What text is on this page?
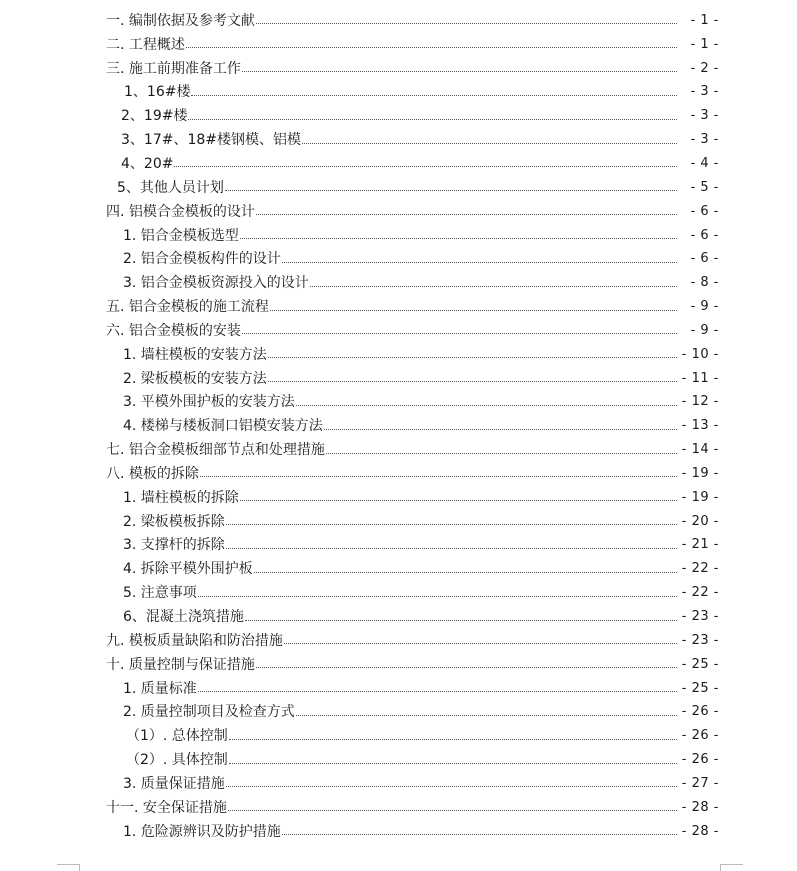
一. 编制依据及参考文献	- 1 -
二. 工程概述	- 1 -
三. 施工前期准备工作	- 2 -
1、16#楼	- 3 -
2、19#楼	- 3 -
3、17#、18#楼钢模、铝模	- 3 -
4、20#	- 4 -
5、其他人员计划	- 5 -
四. 铝模合金模板的设计	- 6 -
1. 铝合金模板选型	- 6 -
2. 铝合金模板构件的设计	- 6 -
3. 铝合金模板资源投入的设计	- 8 -
五. 铝合金模板的施工流程	- 9 -
六. 铝合金模板的安装	- 9 -
1. 墙柱模板的安装方法	- 10 -
2. 梁板模板的安装方法	- 11 -
3. 平模外围护板的安装方法	- 12 -
4. 楼梯与楼板洞口铝模安装方法	- 13 -
七. 铝合金模板细部节点和处理措施	- 14 -
八. 模板的拆除	- 19 -
1. 墙柱模板的拆除	- 19 -
2. 梁板模板拆除	- 20 -
3. 支撑杆的拆除	- 21 -
4. 拆除平模外围护板	- 22 -
5. 注意事项	- 22 -
6、混凝土浇筑措施	- 23 -
九. 模板质量缺陷和防治措施	- 23 -
十. 质量控制与保证措施	- 25 -
1. 质量标准	- 25 -
2. 质量控制项目及检查方式	- 26 -
（1）. 总体控制	- 26 -
（2）. 具体控制	- 26 -
3. 质量保证措施	- 27 -
十一. 安全保证措施	- 28 -
1. 危险源辨识及防护措施	- 28 -
